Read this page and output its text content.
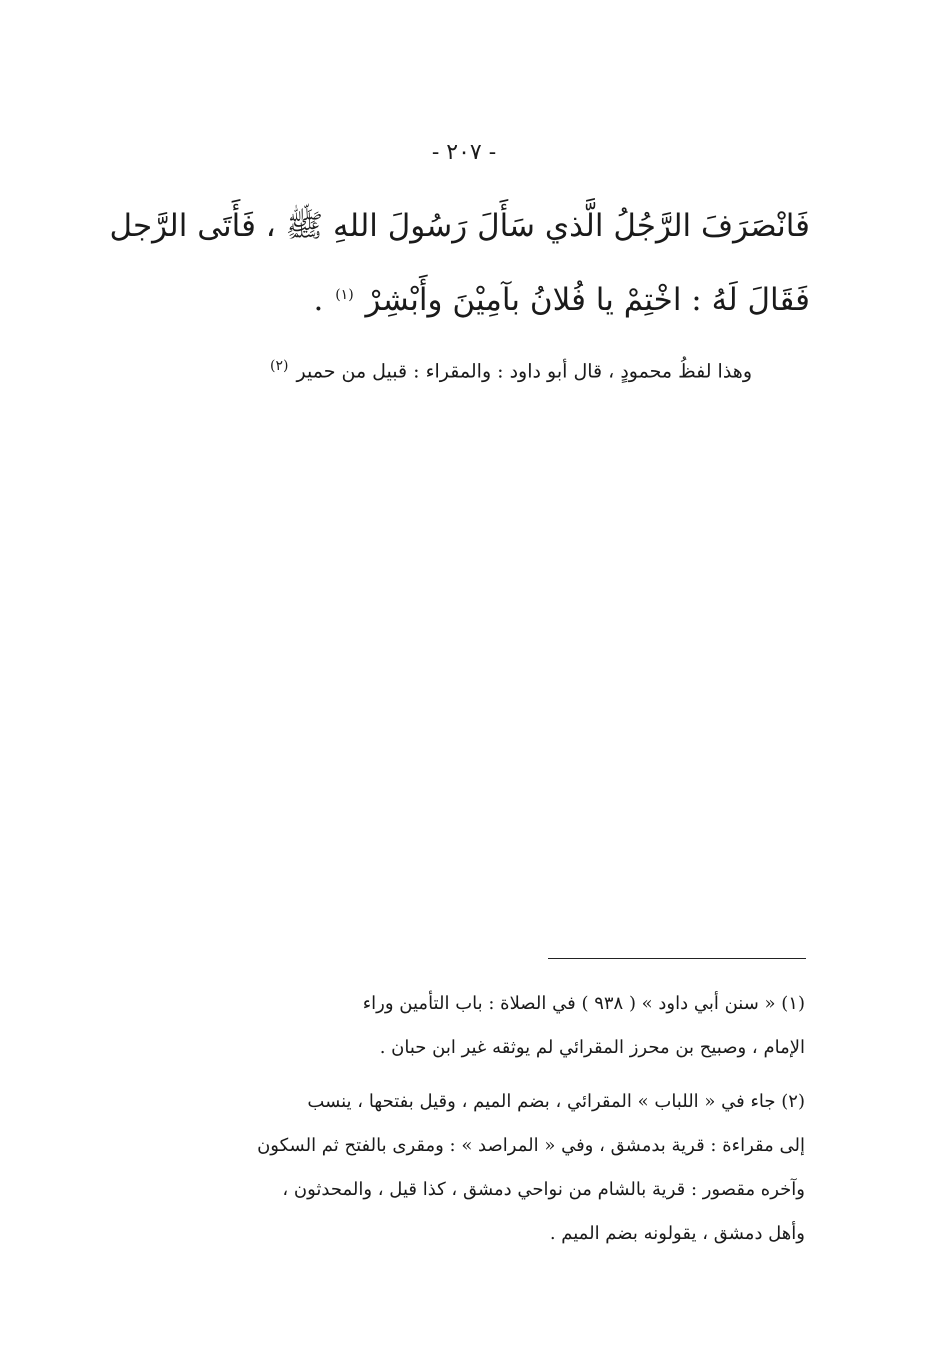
- ٢٠٧ -
فَانْصَرَفَ الرَّجُلُ الَّذي سَأَلَ رَسُولَ اللهِ ﷺ ، فَأَتَى الرَّجل
فَقَالَ لَهُ : اخْتِمْ يا فُلانُ بآمِيْنَ وأَبْشِرْ $^{(١)}$ .
وهذا لفظُ محمودٍ ، قال أبو داود : والمقراء : قبيل من حمير $^{(٢)}$
(١) « سنن أبي داود » ( ٩٣٨ ) في الصلاة : باب التأمين وراء
الإمام ، وصبيح بن محرز المقرائي لم يوثقه غير ابن حبان .
(٢) جاء في « اللباب » المقرائي ، بضم الميم ، وقيل بفتحها ، ينسب
إلى مقراءة : قرية بدمشق ، وفي « المراصد » : ومقرى بالفتح ثم السكون
وآخره مقصور : قرية بالشام من نواحي دمشق ، كذا قيل ، والمحدثون ،
وأهل دمشق ، يقولونه بضم الميم .
